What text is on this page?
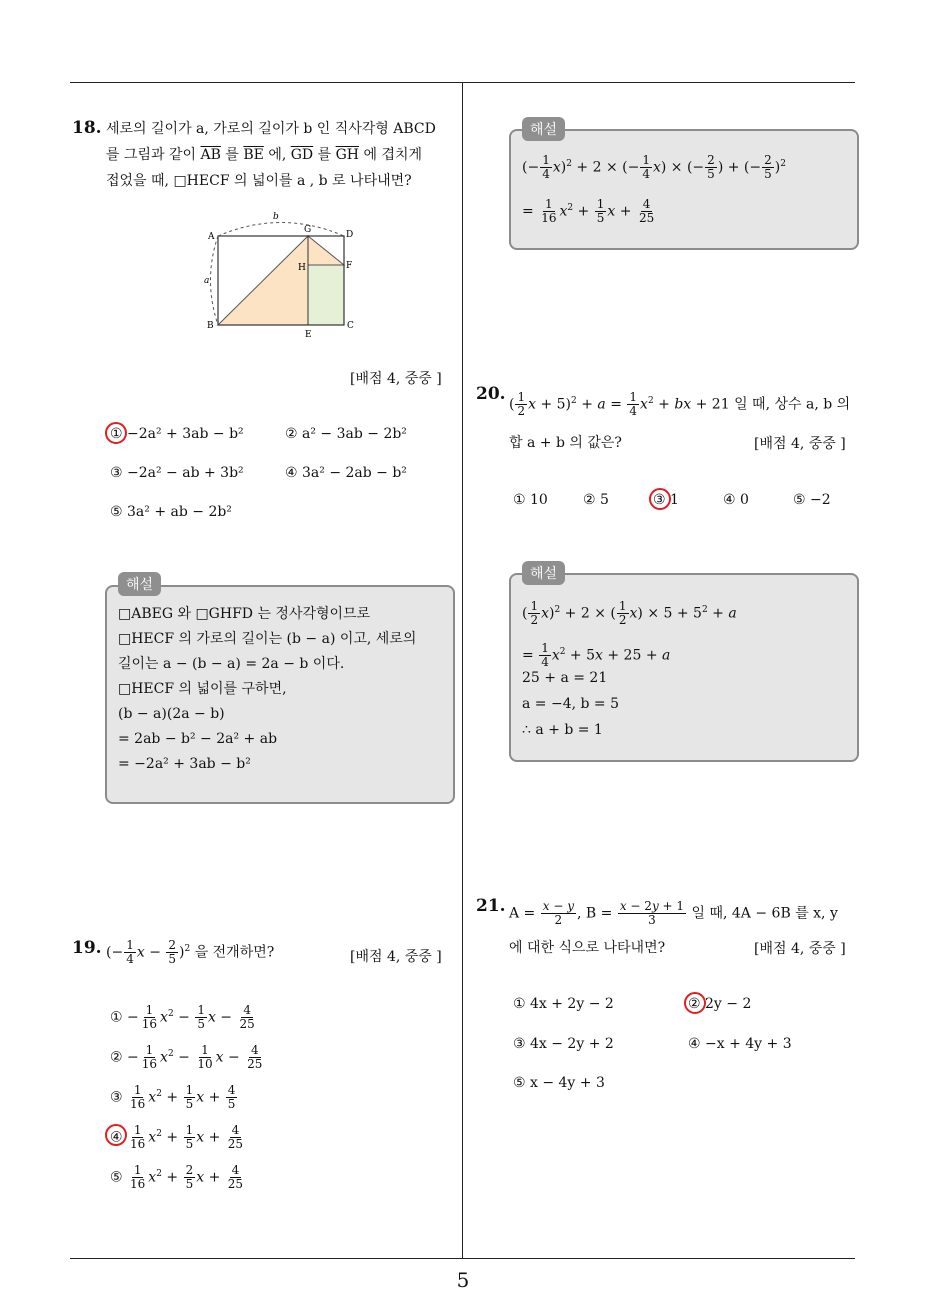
5
18. 세로의 길이가 a, 가로의 길이가 b 인 직사각형 ABCD
를 그림과 같이 $\overline{AB}$ 를 $\overline{BE}$ 에, $\overline{GD}$ 를 $\overline{GH}$ 에 겹치게
접었을 때, □HECF 의 넓이를 a , b 로 나타내면?
A
B	C
D
E
F
G
H
a
b
[배점 4, 중중 ]
① −2a² + 3ab − b²	② a² − 3ab − 2b²
③ −2a² − ab + 3b²	④ 3a² − 2ab − b²
⑤ 3a² + ab − 2b²
해설
□ABEG 와 □GHFD 는 정사각형이므로
□HECF 의 가로의 길이는 (b − a) 이고, 세로의
길이는 a − (b − a) = 2a − b 이다.
□HECF 의 넓이를 구하면,
(b − a)(2a − b)
= 2ab − b² − 2a² + ab
= −2a² + 3ab − b²
19. (− $\frac{1}{4}$ $x - \frac{2}{5} )^2$ 을 전개하면?	[배점 4, 중중 ]
① − $\frac{1}{16} x^2 - \frac{1}{5}$ $x - \frac{4}{25}$
② − $\frac{1}{16} x^2 - \frac{1}{10}$ $x - \frac{4}{25}$
③ $\frac{1}{16} x^2 + \frac{1}{5}$ $x + \frac{4}{5}$
④ $\frac{1}{16} x^2 + \frac{1}{5}$ $x + \frac{4}{25}$
⑤ $\frac{1}{16} x^2 + \frac{2}{5}$ $x + \frac{4}{25}$
해설
(− $\frac{1}{4} x)^2 + 2$ × (− $\frac{1}{4} x$) × (− $\frac{2}{5}$ ) + (− $\frac{2}{5} )^2$
= $\frac{1}{16} x^2 + \frac{1}{5}$ $x + \frac{4}{25}$
20.
( $\frac{1}{2}$ $x + 5)^2 + a = \frac{1}{4} x^2$ + bx + 21 일 때, 상수 a, b 의
합 a + b 의 값은?	[배점 4, 중중 ]
① 10	② 5	③ 1	④ 0	⑤ −2
해설
( $\frac{1}{2} x)^2 + 2$ × ( $\frac{1}{2} x) \times 5 + 5^2 + a$
= $\frac{1}{4} x^2 + 5x + 25 + a$
25 + a = 21
a = −4, b = 5
∴ a + b = 1
21. $A = \frac{x - y}{2}$ , $B = \frac{x - 2y + 1}{3}$ 일 때, 4A − 6B 를 x, y
에 대한 식으로 나타내면?	[배점 4, 중중 ]
① 4x + 2y − 2	② 2y − 2
③ 4x − 2y + 2	④ −x + 4y + 3
⑤ x − 4y + 3
